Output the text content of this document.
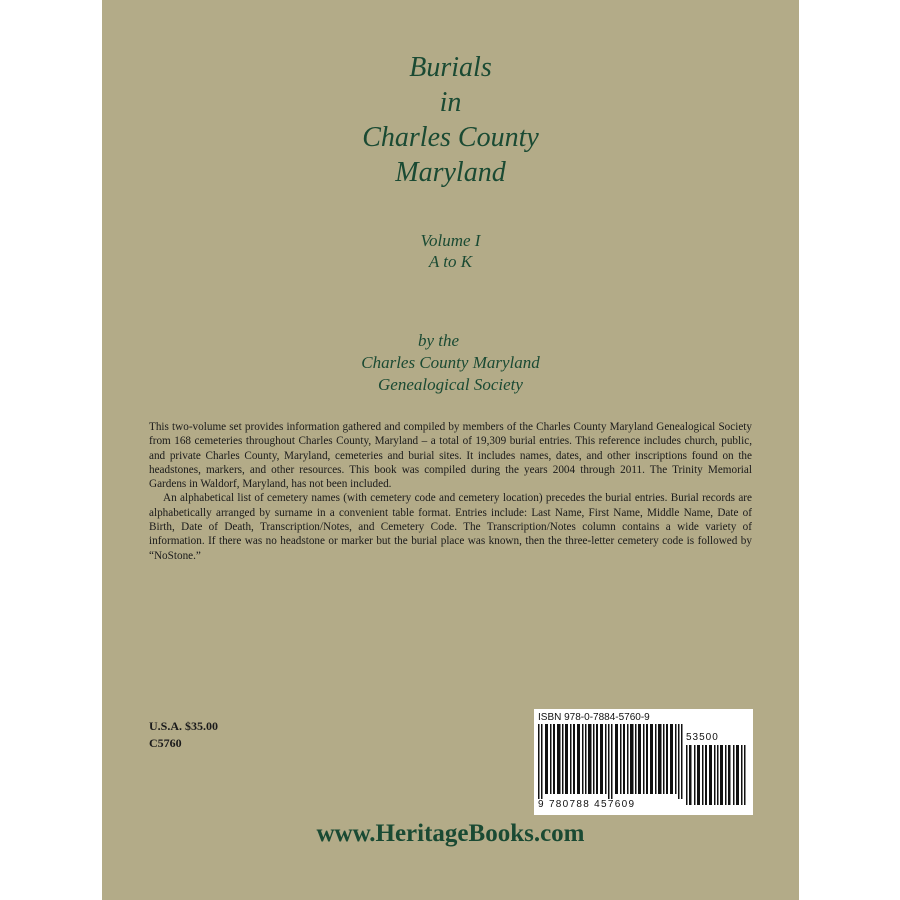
Burials
in
Charles County
Maryland
Volume I
A to K
by the
Charles County Maryland
Genealogical Society

This two-volume set provides information gathered and compiled by members of the Charles County Maryland Genealogical Society from 168 cemeteries throughout Charles County, Maryland – a total of 19,309 burial entries. This reference includes church, public, and private Charles County, Maryland, cemeteries and burial sites. It includes names, dates, and other inscriptions found on the headstones, markers, and other resources. This book was compiled during the years 2004 through 2011. The Trinity Memorial Gardens in Waldorf, Maryland, has not been included.

An alphabetical list of cemetery names (with cemetery code and cemetery location) precedes the burial entries. Burial records are alphabetically arranged by surname in a convenient table format. Entries include: Last Name, First Name, Middle Name, Date of Birth, Date of Death, Transcription/Notes, and Cemetery Code. The Transcription/Notes column contains a wide variety of information. If there was no headstone or marker but the burial place was known, then the three-letter cemetery code is followed by “NoStone.”

U.S.A. $35.00
C5760
ISBN 978-0-7884-5760-9
53500
9 780788 457609
www.HeritageBooks.com
